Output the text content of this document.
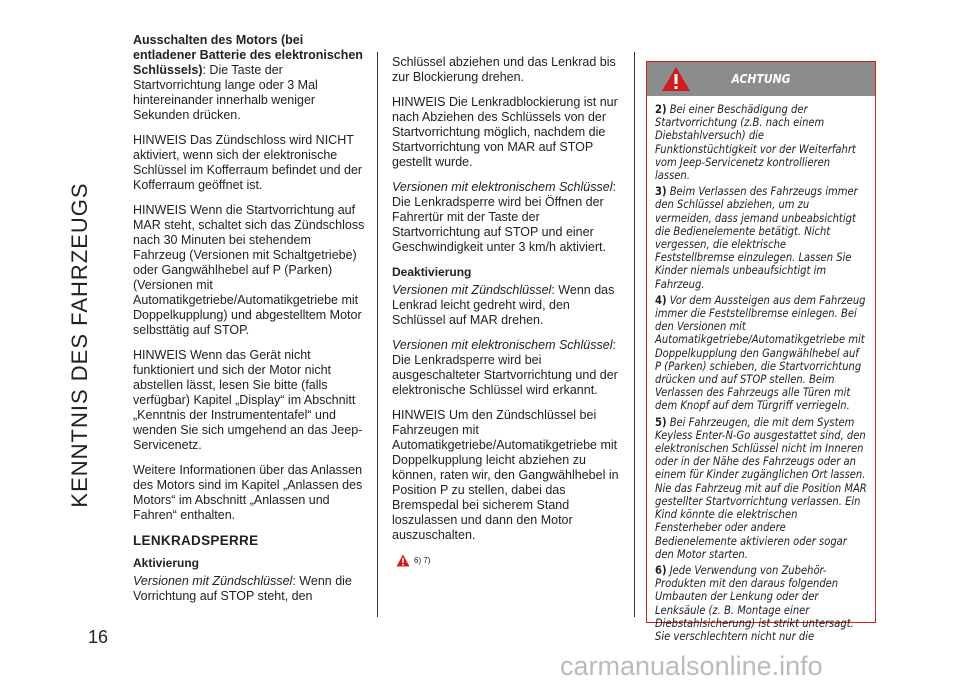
KENNTNIS DES FAHRZEUGS

Ausschalten des Motors (bei entladener Batterie des elektronischen Schlüssels): Die Taste der Startvorrichtung lange oder 3 Mal hintereinander innerhalb weniger Sekunden drücken.

HINWEIS Das Zündschloss wird NICHT aktiviert, wenn sich der elektronische Schlüssel im Kofferraum befindet und der Kofferraum geöffnet ist.

HINWEIS Wenn die Startvorrichtung auf MAR steht, schaltet sich das Zündschloss nach 30 Minuten bei stehendem Fahrzeug (Versionen mit Schaltgetriebe) oder Gangwählhebel auf P (Parken) (Versionen mit Automatikgetriebe/Automatikgetriebe mit Doppelkupplung) und abgestelltem Motor selbsttätig auf STOP.

HINWEIS Wenn das Gerät nicht funktioniert und sich der Motor nicht abstellen lässt, lesen Sie bitte (falls verfügbar) Kapitel „Display“ im Abschnitt „Kenntnis der Instrumententafel“ und wenden Sie sich umgehend an das Jeep-Servicenetz.

Weitere Informationen über das Anlassen des Motors sind im Kapitel „Anlassen des Motors“ im Abschnitt „Anlassen und Fahren“ enthalten.

LENKRADSPERRE
Aktivierung

Versionen mit Zündschlüssel: Wenn die Vorrichtung auf STOP steht, den

Schlüssel abziehen und das Lenkrad bis zur Blockierung drehen.

HINWEIS Die Lenkradblockierung ist nur nach Abziehen des Schlüssels von der Startvorrichtung möglich, nachdem die Startvorrichtung von MAR auf STOP gestellt wurde.

Versionen mit elektronischem Schlüssel: Die Lenkradsperre wird bei Öffnen der Fahrertür mit der Taste der Startvorrichtung auf STOP und einer Geschwindigkeit unter 3 km/h aktiviert.

Deaktivierung

Versionen mit Zündschlüssel: Wenn das Lenkrad leicht gedreht wird, den Schlüssel auf MAR drehen.

Versionen mit elektronischem Schlüssel: Die Lenkradsperre wird bei ausgeschalteter Startvorrichtung und der elektronische Schlüssel wird erkannt.

HINWEIS Um den Zündschlüssel bei Fahrzeugen mit Automatikgetriebe/Automatikgetriebe mit Doppelkupplung leicht abziehen zu können, raten wir, den Gangwählhebel in Position P zu stellen, dabei das Bremspedal bei sicherem Stand loszulassen und dann den Motor auszuschalten.

6) 7)
ACHTUNG

2) Bei einer Beschädigung der Startvorrichtung (z.B. nach einem Diebstahlversuch) die Funktionstüchtigkeit vor der Weiterfahrt vom Jeep-Servicenetz kontrollieren lassen.

3) Beim Verlassen des Fahrzeugs immer den Schlüssel abziehen, um zu vermeiden, dass jemand unbeabsichtigt die Bedienelemente betätigt. Nicht vergessen, die elektrische Feststellbremse einzulegen. Lassen Sie Kinder niemals unbeaufsichtigt im Fahrzeug.

4) Vor dem Aussteigen aus dem Fahrzeug immer die Feststellbremse einlegen. Bei den Versionen mit Automatikgetriebe/Automatikgetriebe mit Doppelkupplung den Gangwählhebel auf P (Parken) schieben, die Startvorrichtung drücken und auf STOP stellen. Beim Verlassen des Fahrzeugs alle Türen mit dem Knopf auf dem Türgriff verriegeln.

5) Bei Fahrzeugen, die mit dem System Keyless Enter-N-Go ausgestattet sind, den elektronischen Schlüssel nicht im Inneren oder in der Nähe des Fahrzeugs oder an einem für Kinder zugänglichen Ort lassen. Nie das Fahrzeug mit auf die Position MAR gestellter Startvorrichtung verlassen. Ein Kind könnte die elektrischen Fensterheber oder andere Bedienelemente aktivieren oder sogar den Motor starten.

6) Jede Verwendung von Zubehör-Produkten mit den daraus folgenden Umbauten der Lenkung oder der Lenksäule (z. B. Montage einer Diebstahlsicherung) ist strikt untersagt. Sie verschlechtern nicht nur die

16
carmanualsonline.info
